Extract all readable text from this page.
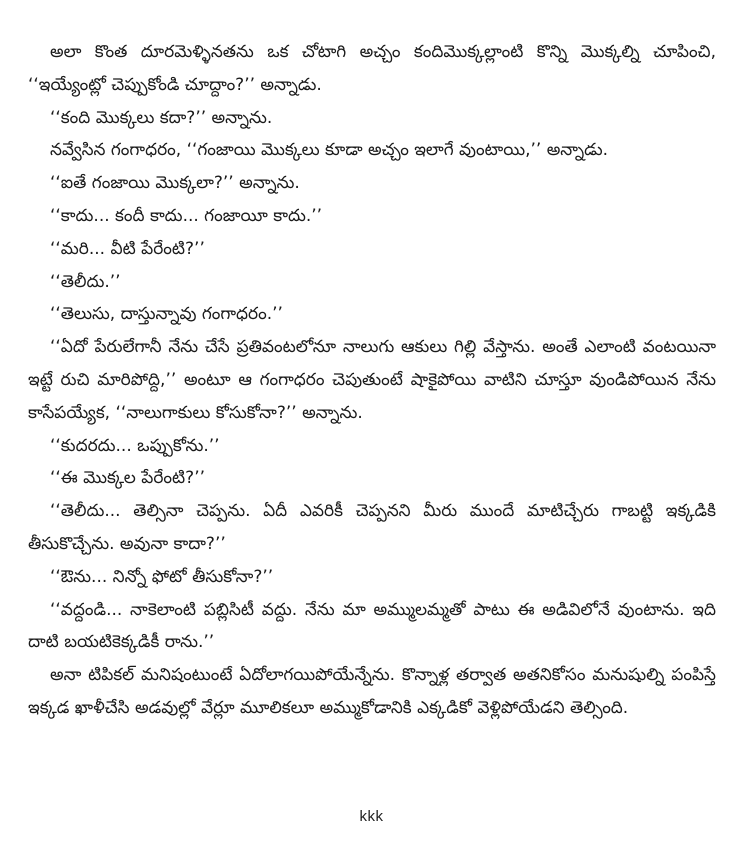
అలా కొంత దూరమెళ్ళినతను ఒక చోటాగి అచ్చం కందిమొక్కల్లాంటి కొన్ని మొక్కల్ని చూపించి, ‘‘ఇయ్యేంట్లో చెప్పుకోండి చూద్దాం?’’ అన్నాడు.

‘‘కంది మొక్కలు కదా?’’ అన్నాను.

నవ్వేసిన గంగాధరం, ‘‘గంజాయి మొక్కలు కూడా అచ్చం ఇలాగే వుంటాయి,’’ అన్నాడు.

‘‘ఐతే గంజాయి మొక్కలా?’’ అన్నాను.

‘‘కాదు... కందీ కాదు... గంజాయీ కాదు.’’

‘‘మరి... వీటి పేరేంటి?’’

‘‘తెలీదు.’’

‘‘తెలుసు, దాస్తున్నావు గంగాధరం.’’

‘‘ఏదో పేరులేగానీ నేను చేసే ప్రతివంటలోనూ నాలుగు ఆకులు గిల్లి వేస్తాను. అంతే ఎలాంటి వంటయినా ఇట్టే రుచి మారిపోద్ది,’’ అంటూ ఆ గంగాధరం చెపుతుంటే షాకైపోయి వాటిని చూస్తూ వుండిపోయిన నేను కాసేపయ్యేక, ‘‘నాలుగాకులు కోసుకోనా?’’ అన్నాను.

‘‘కుదరదు... ఒప్పుకోను.’’

‘‘ఈ మొక్కల పేరేంటి?’’

‘‘తెలీదు... తెల్సినా చెప్పను. ఏదీ ఎవరికీ చెప్పనని మీరు ముందే మాటిచ్చేరు గాబట్టి ఇక్కడికి తీసుకొచ్చేను. అవునా కాదా?’’

‘‘ఔను... నిన్నో ఫోటో తీసుకోనా?’’

‘‘వద్దండి... నాకెలాంటి పబ్లిసిటీ వద్దు. నేను మా అమ్ములమ్మతో పాటు ఈ అడివిలోనే వుంటాను. ఇది దాటి బయటికెక్కడికీ రాను.’’

అనా టిపికల్ మనిషంటుంటే ఏదోలాగయిపోయేన్నేను. కొన్నాళ్ల తర్వాత అతనికోసం మనుషుల్ని పంపిస్తే ఇక్కడ ఖాళీచేసి అడవుల్లో వేర్లూ మూలికలూ అమ్ముకోడానికి ఎక్కడికో వెళ్లిపోయేడని తెల్సింది.

kkk
